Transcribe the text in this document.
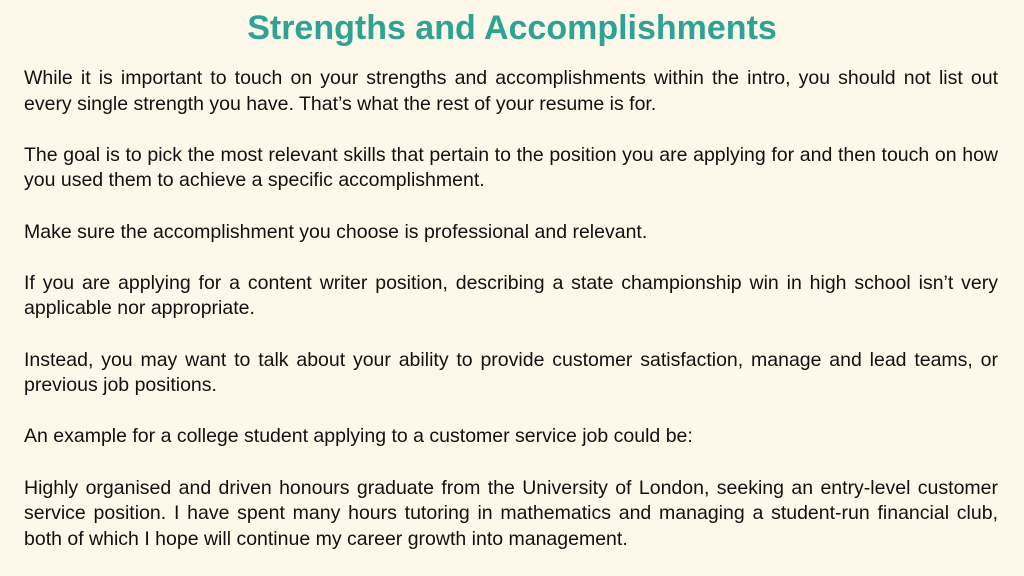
Strengths and Accomplishments

While it is important to touch on your strengths and accomplishments within the intro, you should not list out every single strength you have. That’s what the rest of your resume is for.

The goal is to pick the most relevant skills that pertain to the position you are applying for and then touch on how you used them to achieve a specific accomplishment.

Make sure the accomplishment you choose is professional and relevant.

If you are applying for a content writer position, describing a state championship win in high school isn’t very applicable nor appropriate.

Instead, you may want to talk about your ability to provide customer satisfaction, manage and lead teams, or previous job positions.

An example for a college student applying to a customer service job could be:

Highly organised and driven honours graduate from the University of London, seeking an entry-level customer service position. I have spent many hours tutoring in mathematics and managing a student-run financial club, both of which I hope will continue my career growth into management.
